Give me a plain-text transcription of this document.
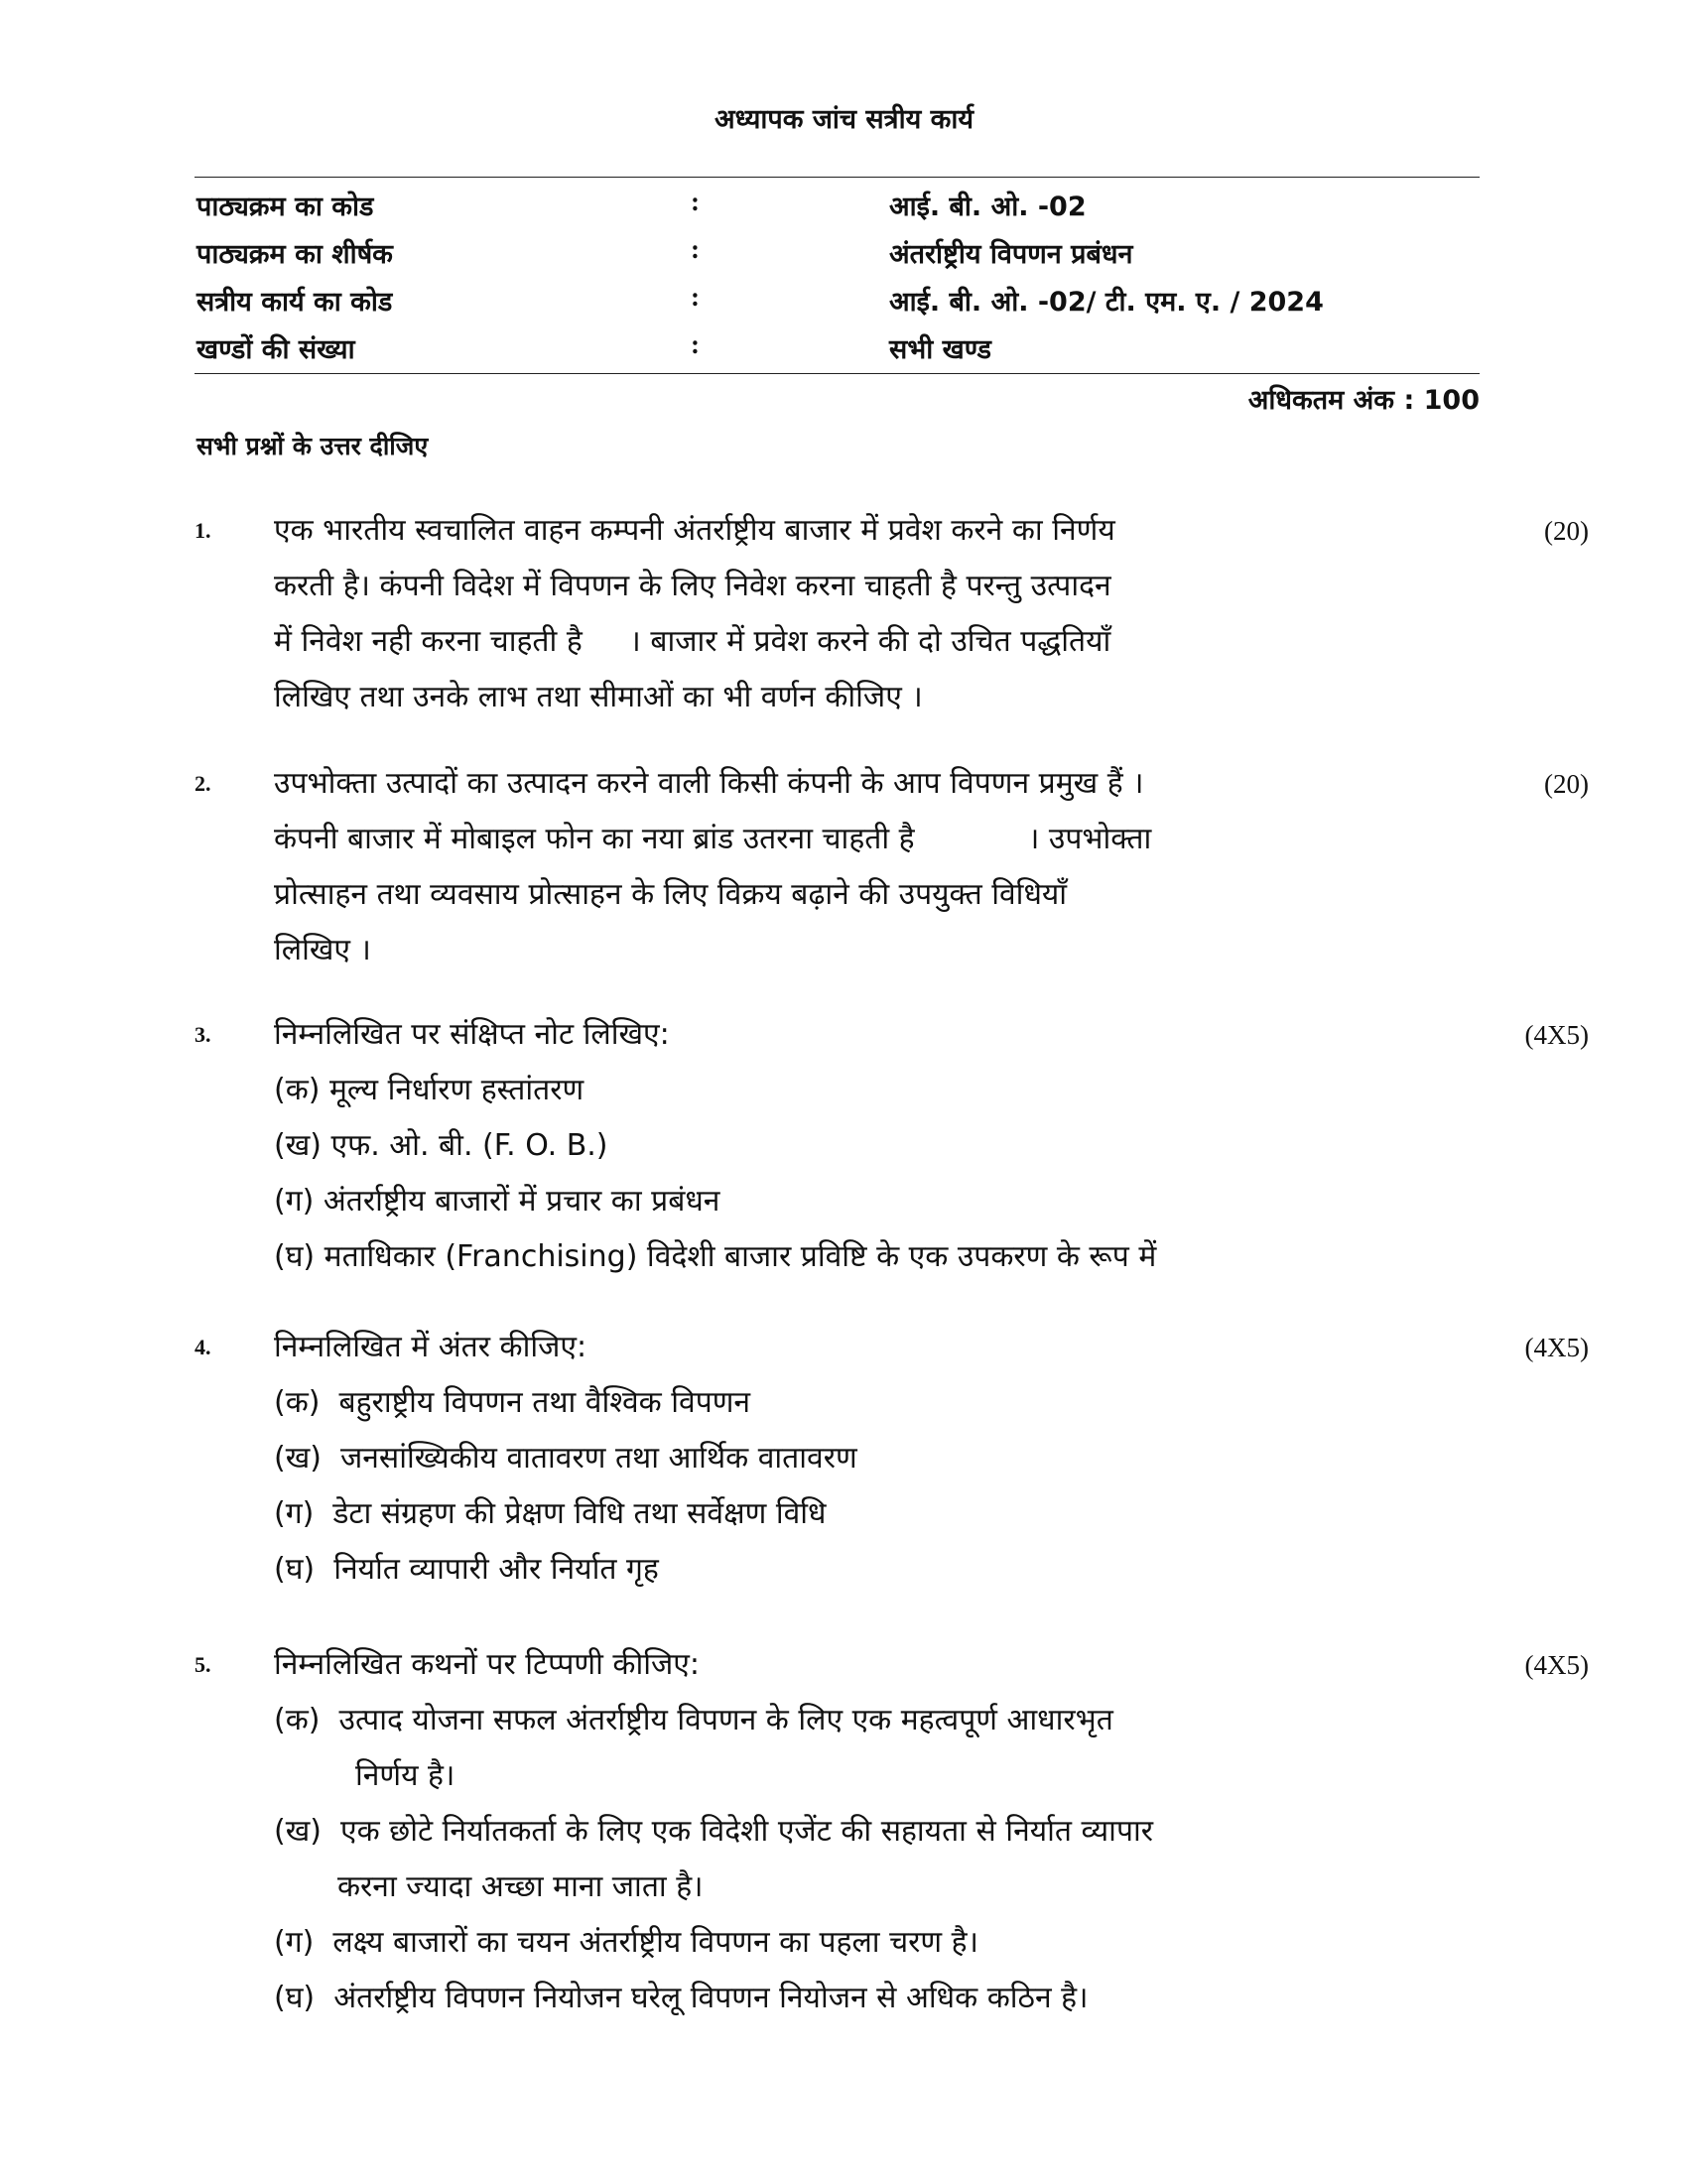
अध्यापक जांच सत्रीय कार्य
पाठ्यक्रम का कोड	:	आई. बी. ओ. -02
पाठ्यक्रम का शीर्षक	:	अंतर्राष्ट्रीय विपणन प्रबंधन
सत्रीय कार्य का कोड	:	आई. बी. ओ. -02/ टी. एम. ए. / 2024
खण्डों की संख्या	:	सभी खण्ड
अधिकतम अंक : 100
सभी प्रश्नों के उत्तर दीजिए
1. एक भारतीय स्वचालित वाहन कम्पनी अंतर्राष्ट्रीय बाजार में प्रवेश करने का निर्णय
करती है। कंपनी विदेश में विपणन के लिए निवेश करना चाहती है परन्तु उत्पादन
में निवेश नही करना चाहती है     । बाजार में प्रवेश करने की दो उचित पद्धतियाँ
लिखिए तथा उनके लाभ तथा सीमाओं का भी वर्णन कीजिए ।
(20)
2. उपभोक्ता उत्पादों का उत्पादन करने वाली किसी कंपनी के आप विपणन प्रमुख हैं ।
कंपनी बाजार में मोबाइल फोन का नया ब्रांड उतरना चाहती है            । उपभोक्ता
प्रोत्साहन तथा व्यवसाय प्रोत्साहन के लिए विक्रय बढ़ाने की उपयुक्त विधियाँ
लिखिए ।
(20)
3. निम्नलिखित पर संक्षिप्त नोट लिखिए:
(क) मूल्य निर्धारण हस्तांतरण
(ख) एफ. ओ. बी. (F. O. B.)
(ग) अंतर्राष्ट्रीय बाजारों में प्रचार का प्रबंधन
(घ) मताधिकार (Franchising) विदेशी बाजार प्रविष्टि के एक उपकरण के रूप में
(4X5)
4. निम्नलिखित में अंतर कीजिए:
(क)  बहुराष्ट्रीय विपणन तथा वैश्विक विपणन
(ख)  जनसांख्यिकीय वातावरण तथा आर्थिक वातावरण
(ग)  डेटा संग्रहण की प्रेक्षण विधि तथा सर्वेक्षण विधि
(घ)  निर्यात व्यापारी और निर्यात गृह
(4X5)
5. निम्नलिखित कथनों पर टिप्पणी कीजिए:
(क)  उत्पाद योजना सफल अंतर्राष्ट्रीय विपणन के लिए एक महत्वपूर्ण आधारभृत
निर्णय है।
(ख)  एक छोटे निर्यातकर्ता के लिए एक विदेशी एजेंट की सहायता से निर्यात व्यापार
करना ज्यादा अच्छा माना जाता है।
(ग)  लक्ष्य बाजारों का चयन अंतर्राष्ट्रीय विपणन का पहला चरण है।
(घ)  अंतर्राष्ट्रीय विपणन नियोजन घरेलू विपणन नियोजन से अधिक कठिन है।
(4X5)
